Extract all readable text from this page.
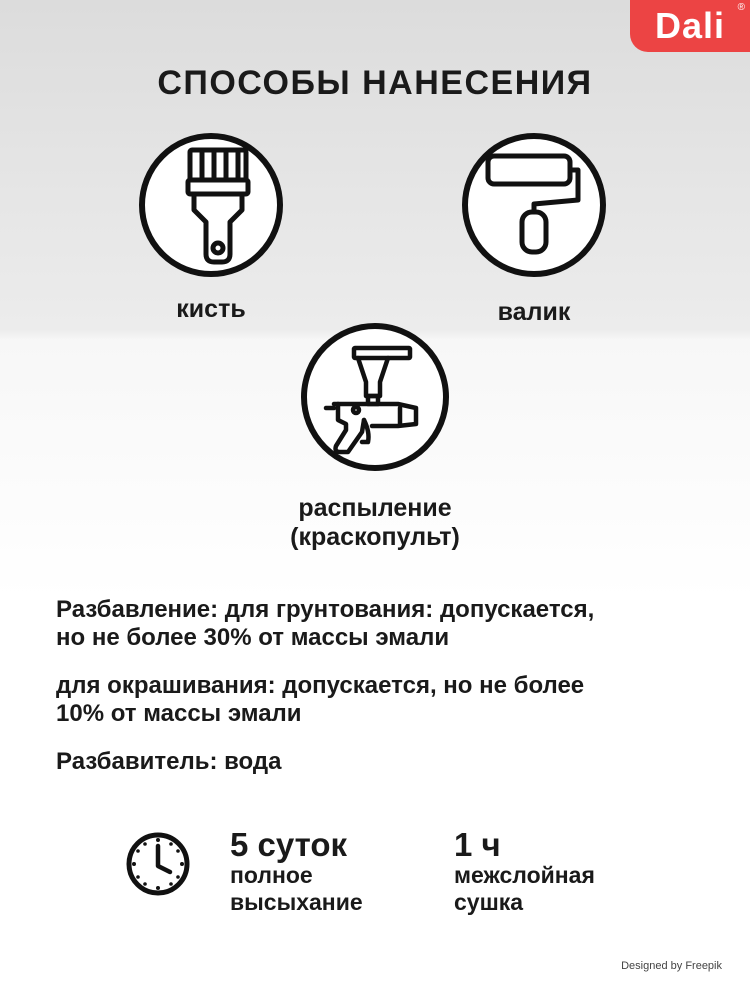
Dali ®
СПОСОБЫ НАНЕСЕНИЯ
кисть	валик
распыление
(краскопульт)
Разбавление: для грунтования: допускается,
но не более 30% от массы эмали
для окрашивания: допускается, но не более
10% от массы эмали
Разбавитель: вода
5 суток
полное
высыхание
1 ч
межслойная
сушка
Designed by Freepik
